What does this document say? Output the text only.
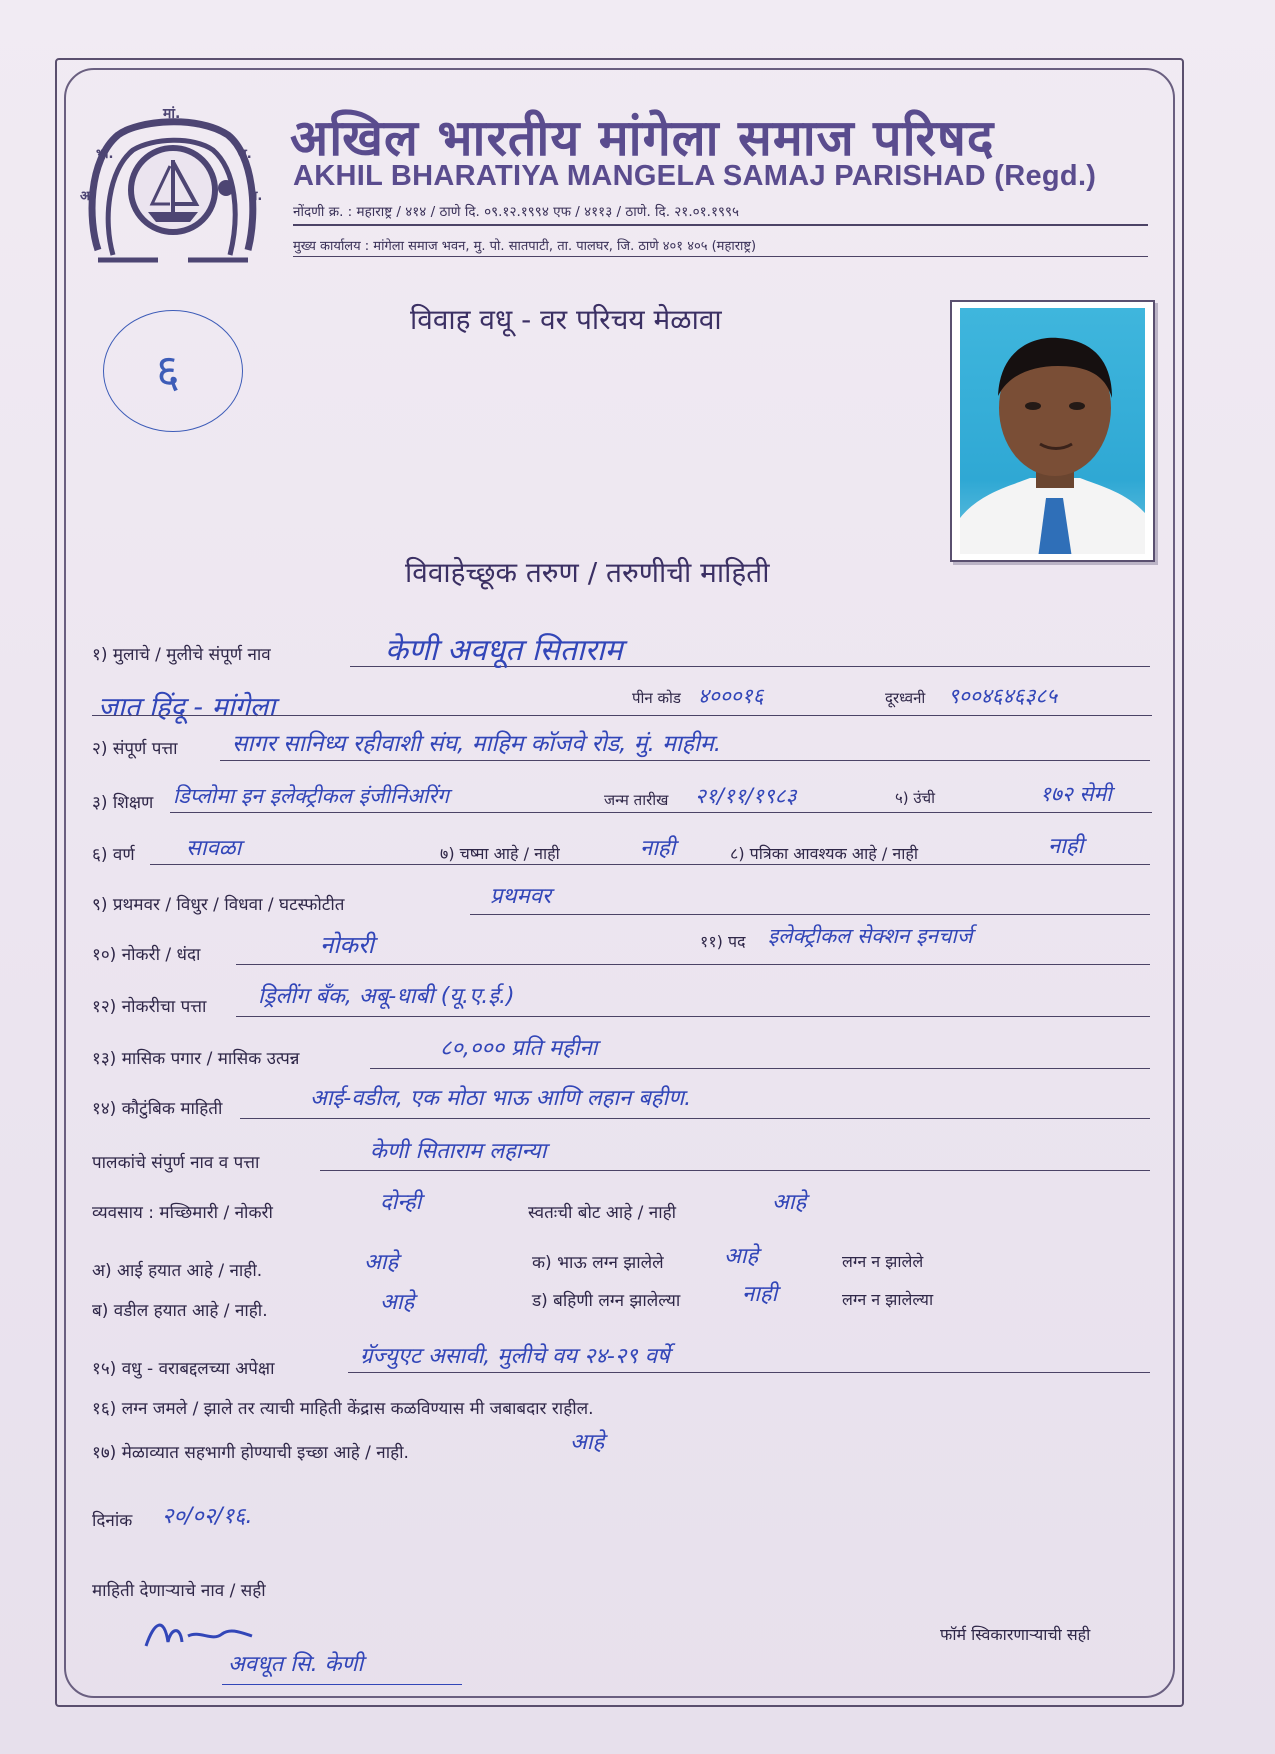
मां.
भा.
अ.
स.
प.
अखिल भारतीय मांगेला समाज परिषद
AKHIL BHARATIYA MANGELA SAMAJ PARISHAD (Regd.)
नोंदणी क्र. : महाराष्ट्र / ४१४ / ठाणे दि. ०९.१२.१९९४ एफ / ४११३ / ठाणे. दि. २१.०१.१९९५
मुख्य कार्यालय : मांगेला समाज भवन, मु. पो. सातपाटी, ता. पालघर, जि. ठाणे ४०१ ४०५ (महाराष्ट्र)
विवाह वधू - वर परिचय मेळावा
विवाहेच्छूक तरुण / तरुणीची माहिती
६
१) मुलाचे / मुलीचे संपूर्ण नाव	केणी अवधूत सिताराम
जात हिंदू - मांगेला	पीन कोड ४०००१६	दूरध्वनी ९००४६४६३८५
२) संपूर्ण पत्ता सागर सानिध्य रहीवाशी संघ, माहिम कॉजवे रोड, मुं. माहीम.
३) शिक्षण डिप्लोमा इन इलेक्ट्रीकल इंजीनिअरिंग	जन्म तारीख २१/११/१९८३	५) उंची	१७२ सेमी
६) वर्ण सावळा	७) चष्मा आहे / नाही	नाही	८) पत्रिका आवश्यक आहे / नाही	नाही
९) प्रथमवर / विधुर / विधवा / घटस्फोटीत	प्रथमवर
१०) नोकरी / धंदा	नोकरी	११) पद इलेक्ट्रीकल सेक्शन इनचार्ज
१२) नोकरीचा पत्ता ड्रिलींग बॅंक, अबू-धाबी (यू.ए.ई.)
१३) मासिक पगार / मासिक उत्पन्न	८०,००० प्रति महीना
१४) कौटुंबिक माहिती	आई-वडील, एक मोठा भाऊ आणि लहान बहीण.
पालकांचे संपुर्ण नाव व पत्ता	केणी सिताराम लहान्या
व्यवसाय : मच्छिमारी / नोकरी	दोन्ही	स्वतःची बोट आहे / नाही	आहे
अ) आई हयात आहे / नाही.	आहे	क) भाऊ लग्न झालेले	आहे	लग्न न झालेले
ब) वडील हयात आहे / नाही.	आहे	ड) बहिणी लग्न झालेल्या	नाही	लग्न न झालेल्या
१५) वधु - वराबद्दलच्या अपेक्षा	ग्रॅज्युएट असावी, मुलीचे वय २४-२९ वर्षे
१६) लग्न जमले / झाले तर त्याची माहिती केंद्रास कळविण्यास मी जबाबदार राहील.
१७) मेळाव्यात सहभागी होण्याची इच्छा आहे / नाही.	आहे
दिनांक २०/०२/१६.
माहिती देणाऱ्याचे नाव / सही
अवधूत सि. केणी
फॉर्म स्विकारणाऱ्याची सही
